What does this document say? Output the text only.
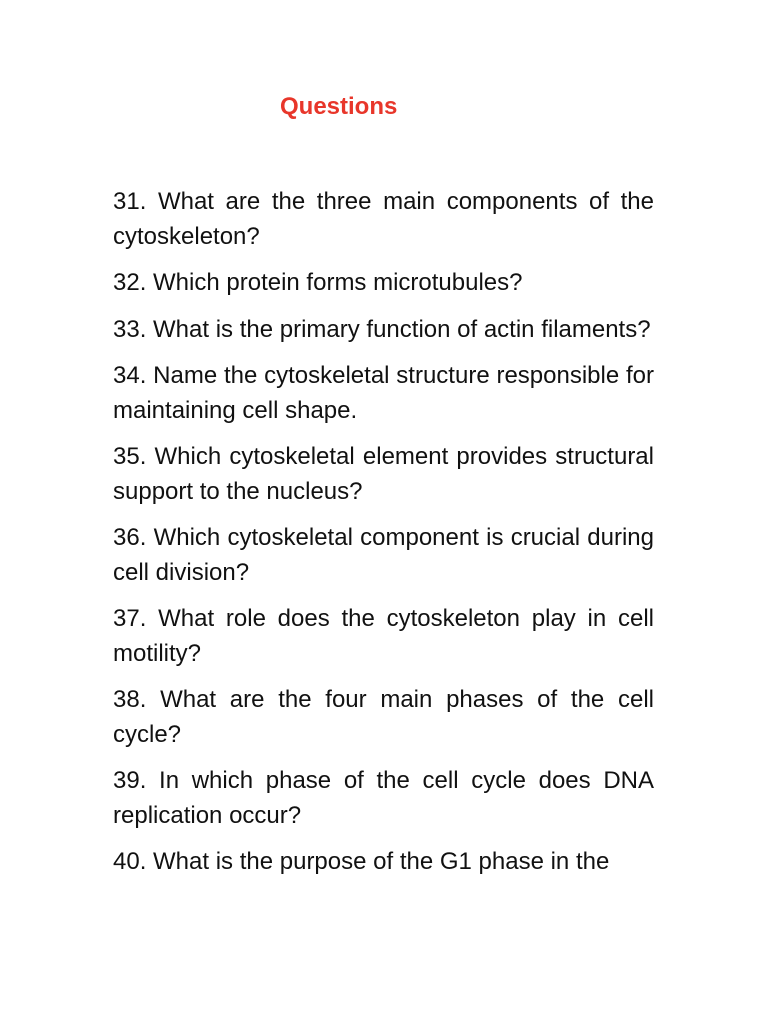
Questions
31. What are the three main components of the cytoskeleton?
32. Which protein forms microtubules?
33. What is the primary function of actin filaments?
34. Name the cytoskeletal structure responsible for maintaining cell shape.
35. Which cytoskeletal element provides structural support to the nucleus?
36. Which cytoskeletal component is crucial during cell division?
37. What role does the cytoskeleton play in cell motility?
38. What are the four main phases of the cell cycle?
39. In which phase of the cell cycle does DNA replication occur?
40. What is the purpose of the G1 phase in the
